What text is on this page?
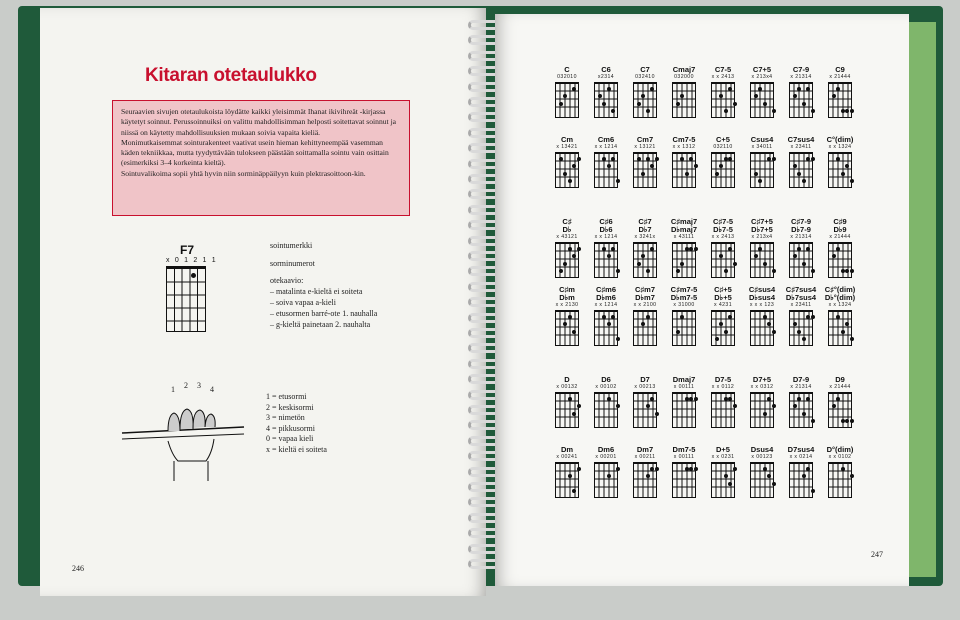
Kitaran otetaulukko

Seuraavien sivujen otetaulukoista löydätte kaikki yleisimmät Ihanat ikivihreät -kirjassa käytetyt soinnut. Perussoinnuiksi on valittu mahdollisimman helposti soitettavat soinnut ja niissä on käytetty mahdollisuuksien mukaan soivia vapaita kieliä.

Monimutkaisemmat sointurakenteet vaativat usein hieman kehittyneempää vasemman käden tekniikkaa, mutta tyydyttävään tulokseen päästään soittamalla sointu vain osittain (esimerkiksi 3–4 korkeinta kieltä).

Sointuvalikoima sopii yhtä hyvin niin sorminäppäilyyn kuin plektrasoittoon-kin.

F7
x 0 1 2 1 1
sointumerkki
sorminumerot
otekaavio:
– matalinta e-kieltä ei soiteta
– soiva vapaa a-kieli
– etusormen barré-ote 1. nauhalla
– g-kieltä painetaan 2. nauhalta
1 2 3 4
1 = etusormi
2 = keskisormi
3 = nimetön
4 = pikkusormi
0 = vapaa kieli
x = kieltä ei soiteta
246
247
C
032010
C6
x2314
C7
032410
Cmaj7
032000
C7-5
x x 2413
C7+5
x 213x4
C7-9
x 21314
C9
x 21444
Cm
x 13421
Cm6
x x 1214
Cm7
x 13121
Cm7-5
x x 1312
C+5
032110
Csus4
x 34011
C7sus4
x 23411
C°(dim)
x x 1324
C♯
D♭
x 43121
C♯6
D♭6
x x 1214
C♯7
D♭7
x 3241x
C♯maj7
D♭maj7
x 43111
C♯7-5
D♭7-5
x x 2413
C♯7+5
D♭7+5
x 213x4
C♯7-9
D♭7-9
x 21314
C♯9
D♭9
x 21444
C♯m
D♭m
x x 2130
C♯m6
D♭m6
x x 1214
C♯m7
D♭m7
x x 2100
C♯m7-5
D♭m7-5
x 31000
C♯+5
D♭+5
x 4231
C♯sus4
D♭sus4
x x x 123
C♯7sus4
D♭7sus4
x 23411
C♯°(dim)
D♭°(dim)
x x 1324
D
x 00132
D6
x 00102
D7
x 00213
Dmaj7
x 00111
D7-5
x x 0112
D7+5
x x 0312
D7-9
x 21314
D9
x 21444
Dm
x 00241
Dm6
x 00201
Dm7
x 00211
Dm7-5
x 00111
D+5
x x 0231
Dsus4
x 00123
D7sus4
x x 0214
D°(dim)
x x 0102
